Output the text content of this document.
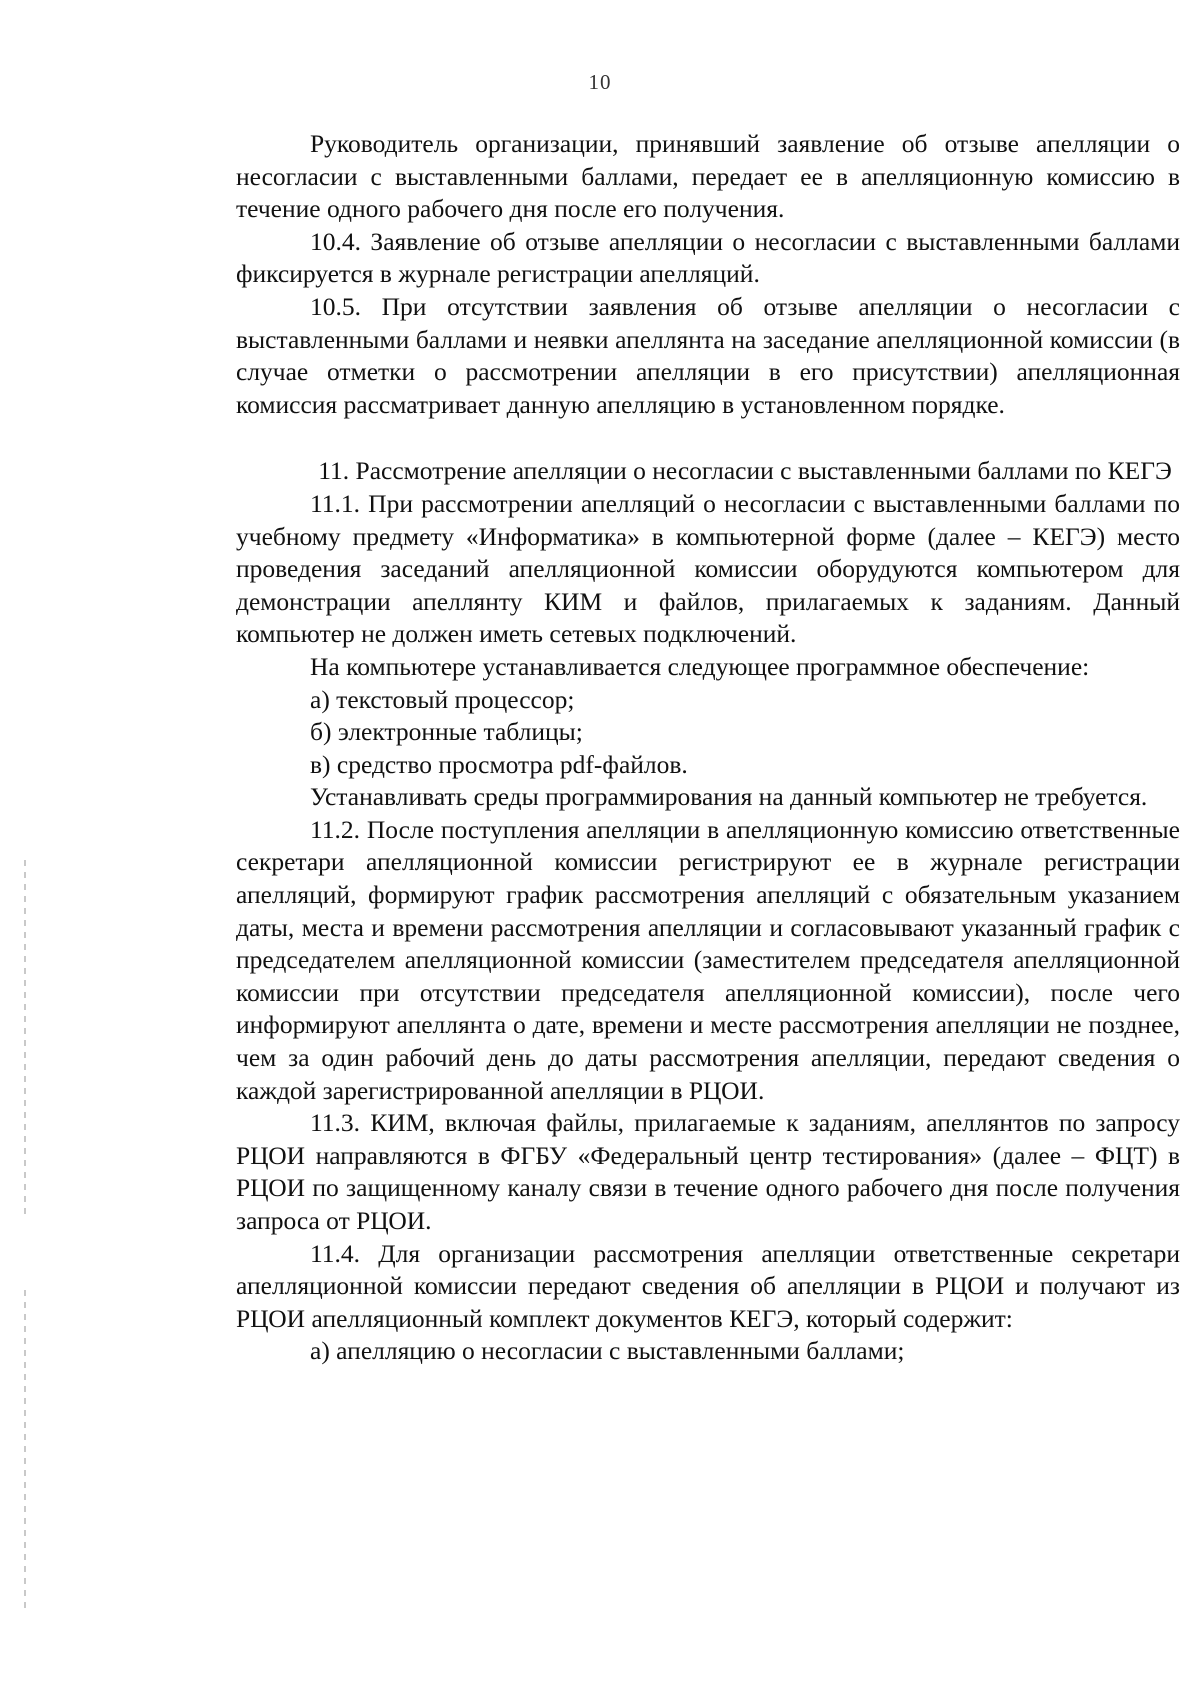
10

Руководитель организации, принявший заявление об отзыве апелляции о несогласии с выставленными баллами, передает ее в апелляционную комиссию в течение одного рабочего дня после его получения.

10.4. Заявление об отзыве апелляции о несогласии с выставленными баллами фиксируется в журнале регистрации апелляций.

10.5. При отсутствии заявления об отзыве апелляции о несогласии с выставленными баллами и неявки апеллянта на заседание апелляционной комиссии (в случае отметки о рассмотрении апелляции в его присутствии) апелляционная комиссия рассматривает данную апелляцию в установленном порядке.

11. Рассмотрение апелляции о несогласии с выставленными баллами по КЕГЭ

11.1. При рассмотрении апелляций о несогласии с выставленными баллами по учебному предмету «Информатика» в компьютерной форме (далее – КЕГЭ) место проведения заседаний апелляционной комиссии оборудуются компьютером для демонстрации апеллянту КИМ и файлов, прилагаемых к заданиям. Данный компьютер не должен иметь сетевых подключений.

На компьютере устанавливается следующее программное обеспечение:

а) текстовый процессор;

б) электронные таблицы;

в) средство просмотра pdf-файлов.

Устанавливать среды программирования на данный компьютер не требуется.

11.2. После поступления апелляции в апелляционную комиссию ответственные секретари апелляционной комиссии регистрируют ее в журнале регистрации апелляций, формируют график рассмотрения апелляций с обязательным указанием даты, места и времени рассмотрения апелляции и согласовывают указанный график с председателем апелляционной комиссии (заместителем председателя апелляционной комиссии при отсутствии председателя апелляционной комиссии), после чего информируют апеллянта о дате, времени и месте рассмотрения апелляции не позднее, чем за один рабочий день до даты рассмотрения апелляции, передают сведения о каждой зарегистрированной апелляции в РЦОИ.

11.3. КИМ, включая файлы, прилагаемые к заданиям, апеллянтов по запросу РЦОИ направляются в ФГБУ «Федеральный центр тестирования» (далее – ФЦТ) в РЦОИ по защищенному каналу связи в течение одного рабочего дня после получения запроса от РЦОИ.

11.4. Для организации рассмотрения апелляции ответственные секретари апелляционной комиссии передают сведения об апелляции в РЦОИ и получают из РЦОИ апелляционный комплект документов КЕГЭ, который содержит:

а) апелляцию о несогласии с выставленными баллами;
